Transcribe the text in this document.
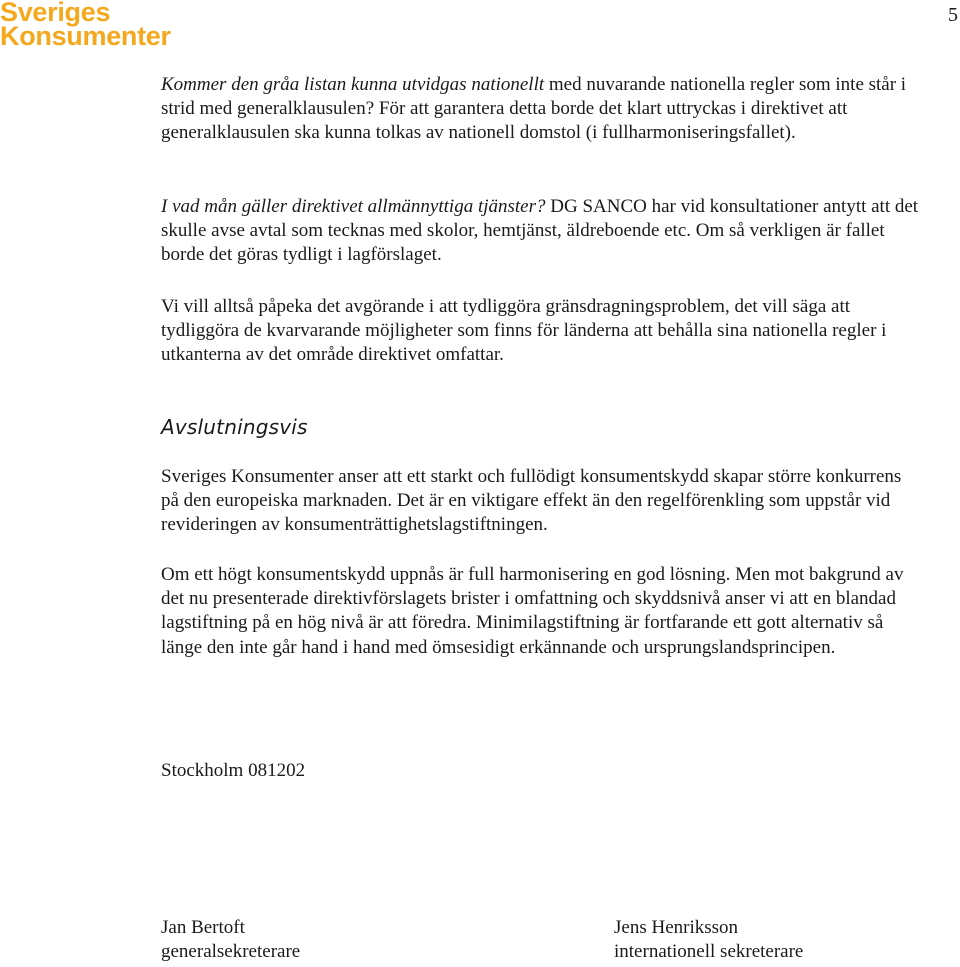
Sveriges
Konsumenter
5

Kommer den gråa listan kunna utvidgas nationellt med nuvarande nationella regler som inte står i strid med generalklausulen? För att garantera detta borde det klart uttryckas i direktivet att generalklausulen ska kunna tolkas av nationell domstol (i fullharmoniseringsfallet).

I vad mån gäller direktivet allmännyttiga tjänster? DG SANCO har vid konsultationer antytt att det skulle avse avtal som tecknas med skolor, hemtjänst, äldreboende etc. Om så verkligen är fallet borde det göras tydligt i lagförslaget.

Vi vill alltså påpeka det avgörande i att tydliggöra gränsdragningsproblem, det vill säga att tydliggöra de kvarvarande möjligheter som finns för länderna att behålla sina nationella regler i utkanterna av det område direktivet omfattar.

Avslutningsvis

Sveriges Konsumenter anser att ett starkt och fullödigt konsumentskydd skapar större konkurrens på den europeiska marknaden. Det är en viktigare effekt än den regelförenkling som uppstår vid revideringen av konsumenträttighetslagstiftningen.

Om ett högt konsumentskydd uppnås är full harmonisering en god lösning. Men mot bakgrund av det nu presenterade direktivförslagets brister i omfattning och skyddsnivå anser vi att en blandad lagstiftning på en hög nivå är att föredra. Minimilagstiftning är fortfarande ett gott alternativ så länge den inte går hand i hand med ömsesidigt erkännande och ursprungslandsprincipen.

Stockholm 081202
Jan Bertoft
generalsekreterare
Jens Henriksson
internationell sekreterare
